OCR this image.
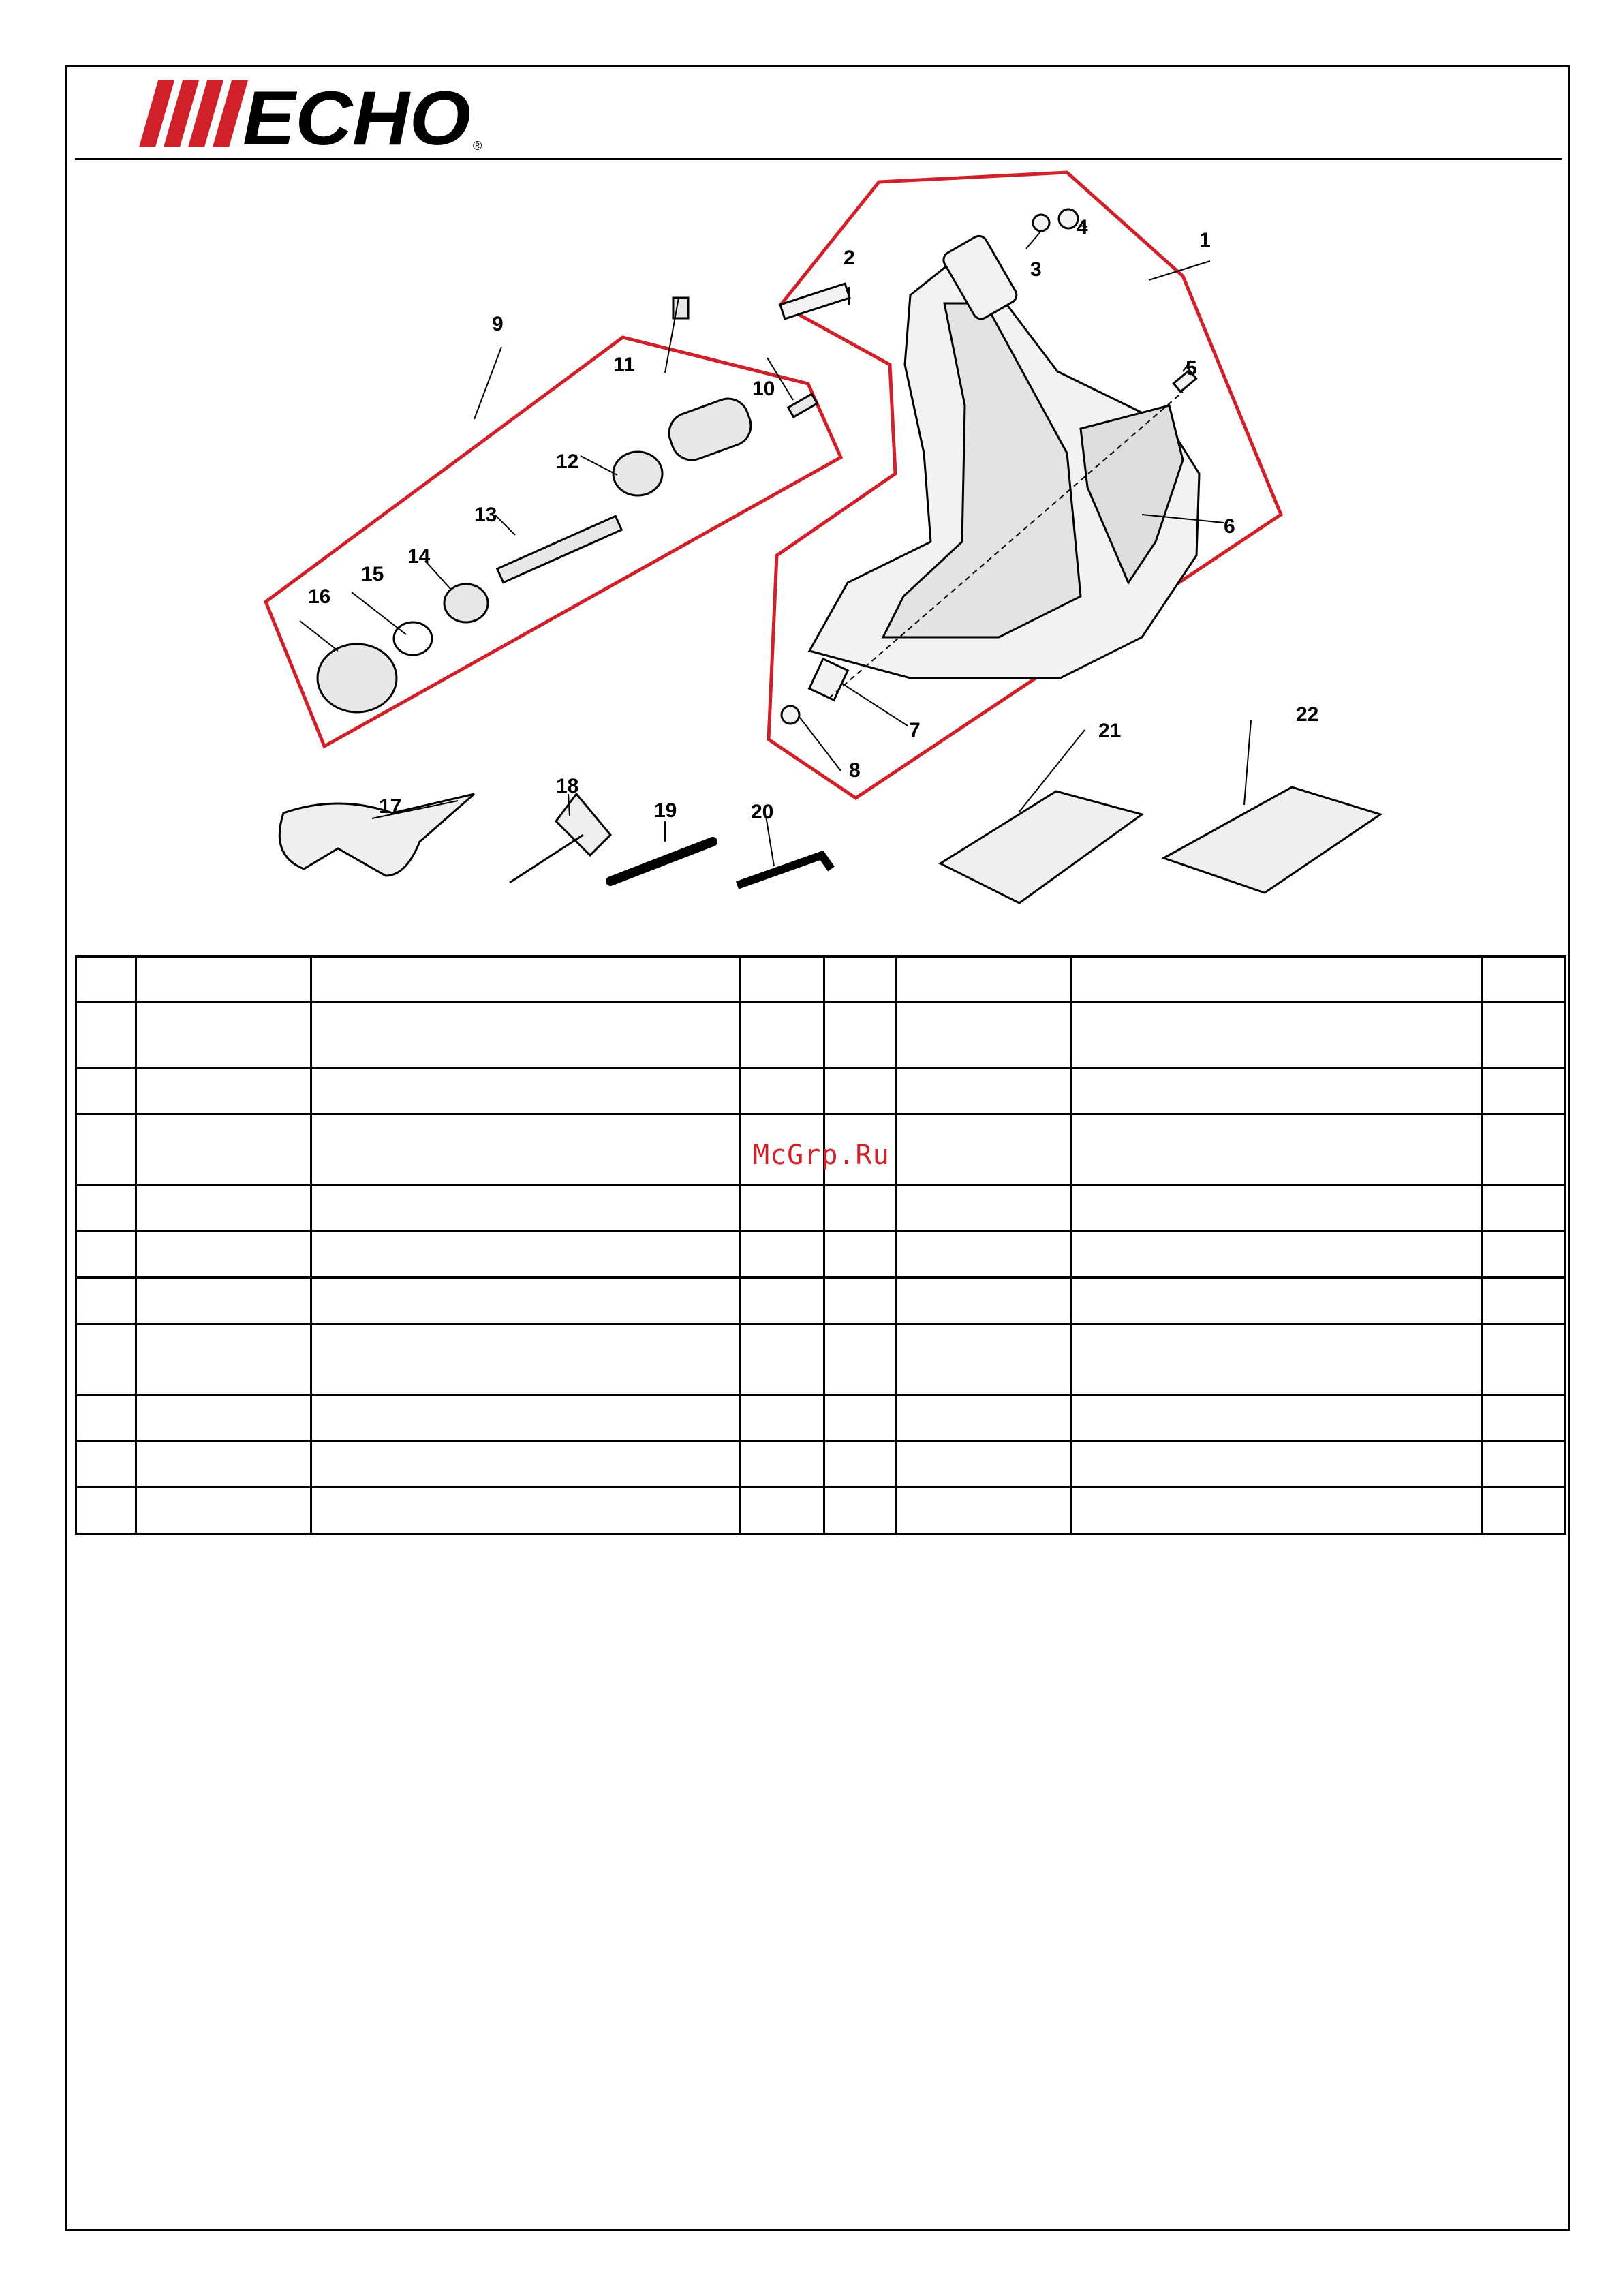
ECHO ®
1
2
3
4
5
6
7
8
9
10
11
12
13
14
15
16
17
18
19	20
21
22

McGrp.Ru
